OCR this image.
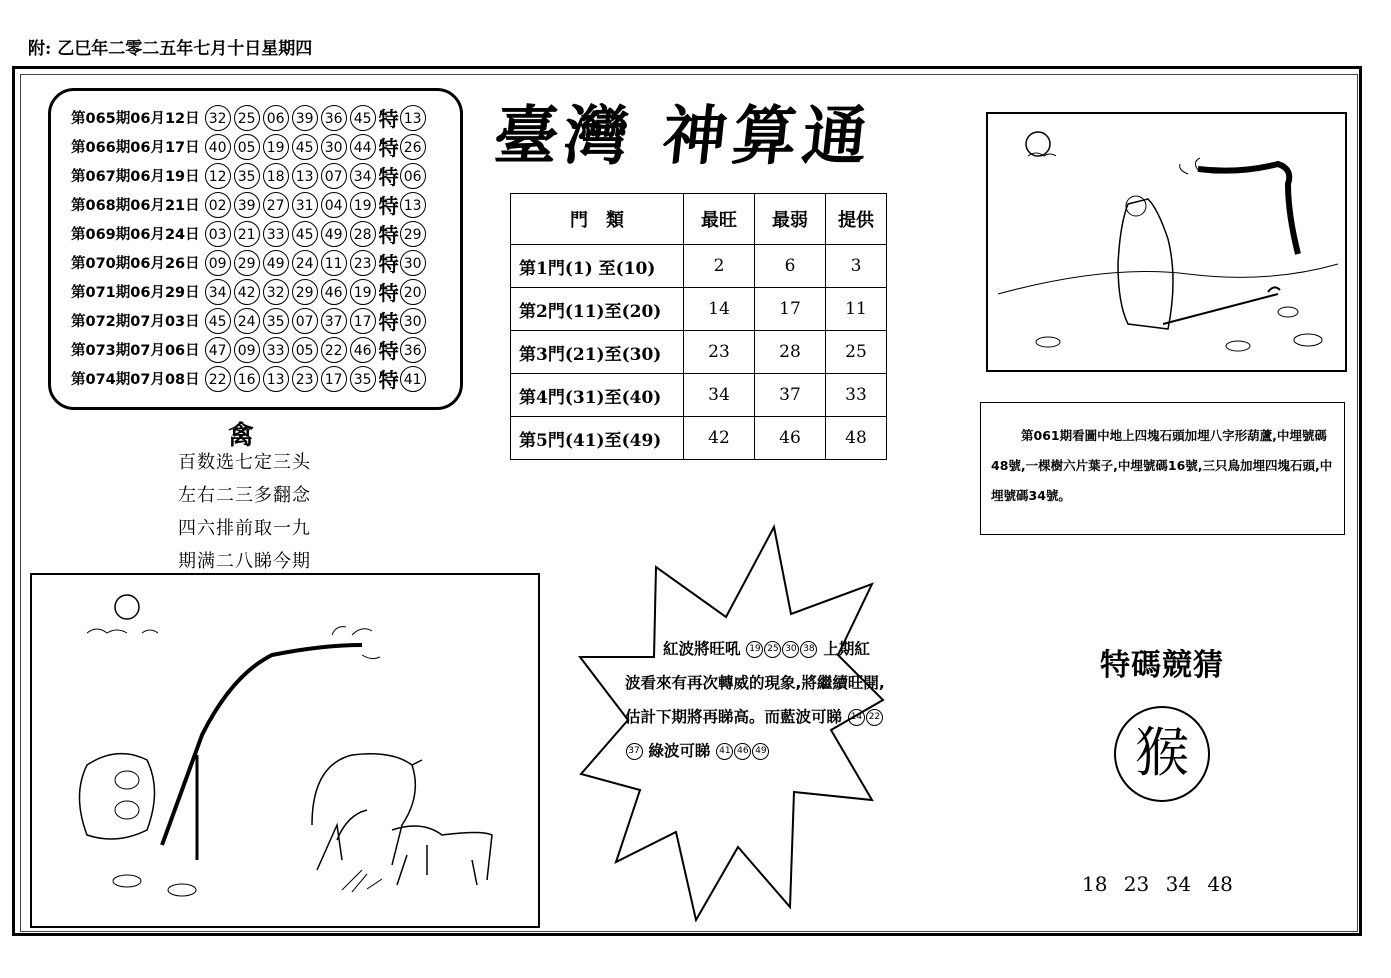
附: 乙巳年二零二五年七月十日星期四
第065期06月12日 32 25 06 39 36 45 特 13
第066期06月17日 40 05 19 45 30 44 特 26
第067期06月19日 12 35 18 13 07 34 特 06
第068期06月21日 02 39 27 31 04 19 特 13
第069期06月24日 03 21 33 45 49 28 特 29
第070期06月26日 09 29 49 24 11 23 特 30
第071期06月29日 34 42 32 29 46 19 特 20
第072期07月03日 45 24 35 07 37 17 特 30
第073期07月06日 47 09 33 05 22 46 特 36
第074期07月08日 22 16 13 23 17 35 特 41
禽
百数选七定三头
左右二三多翻念
四六排前取一九
期满二八睇今期
臺灣 神算通
門　類	最旺	最弱	提供
第1門(1) 至(10)	2	6	3
第2門(11)至(20)	14	17	11
第3門(21)至(30)	23	28	25
第4門(31)至(40)	34	37	33
第5門(41)至(49)	42	46	48	第061期看圖中地上四塊石頭加埋八字形葫蘆,中埋號碼48號,一棵樹六片葉子,中埋號碼16號,三只鳥加埋四塊石頭,中埋號碼34號。
紅波將旺吼 19 25 30 38 上期紅波看來有再次轉威的現象,將繼續旺開,估計下期將再睇高。而藍波可睇 14 2237 綠波可睇 41 46 49
特碼競猜
猴
18 23 34 48
